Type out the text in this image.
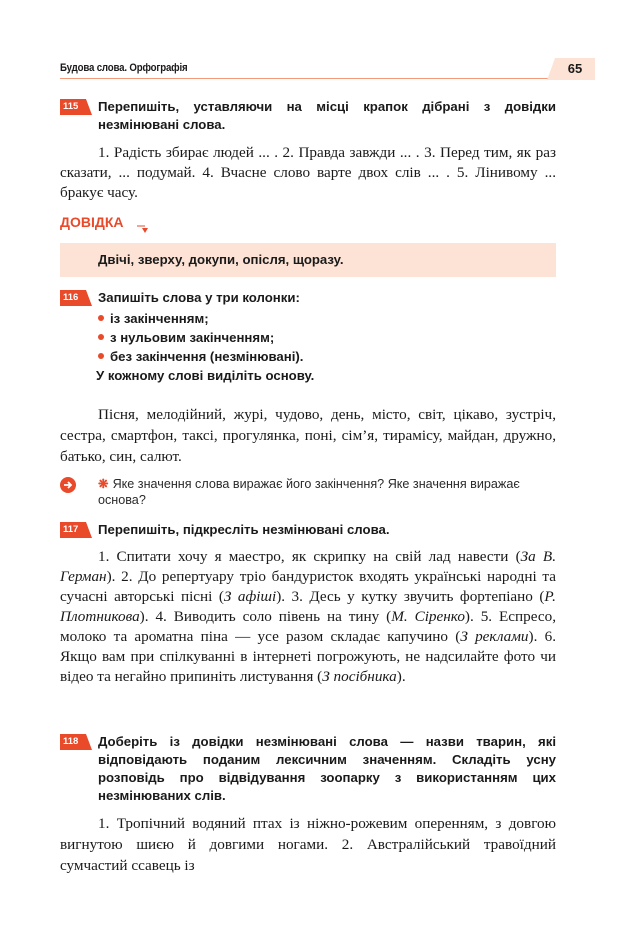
Будова слова. Орфографія	65
115	Перепишіть, уставляючи на місці крапок дібрані з довідки незмінювані слова.

1. Радість збирає людей ... . 2. Правда завжди ... . 3. Перед тим, як раз сказати, ... подумай. 4. Вчасне слово варте двох слів ... . 5. Лінивому ... бракує часу.

ДОВІДКА
Двічі, зверху, докупи, опісля, щоразу.
116	Запишіть слова у три колонки:
із закінченням;
з нульовим закінченням;
без закінчення (незмінювані).
У кожному слові виділіть основу.

Пісня, мелодійний, журі, чудово, день, місто, світ, цікаво, зустріч, сестра, смартфон, таксі, прогулянка, поні, сім’я, тирамісу, майдан, дружно, батько, син, салют.

❋ Яке значення слова виражає його закінчення? Яке значення виражає основа?
117	Перепишіть, підкресліть незмінювані слова.

1. Спитати хочу я маестро, як скрипку на свій лад навести (За В. Герман). 2. До репертуару тріо бандуристок входять українські народні та сучасні авторські пісні (З афіші). 3. Десь у кутку звучить фортепіано (Р. Плотникова). 4. Виводить соло півень на тину (М. Сіренко). 5. Еспресо, молоко та ароматна піна — усе разом складає капучино (З реклами). 6. Якщо вам при спілкуванні в інтернеті погрожують, не надсилайте фото чи відео та негайно припиніть листування (З посібника).

118	Доберіть із довідки незмінювані слова — назви тварин, які відповідають поданим лексичним значенням. Складіть усну розповідь про відвідування зоопарку з використанням цих незмінюваних слів.

1. Тропічний водяний птах із ніжно-рожевим оперенням, з довгою вигнутою шиєю й довгими ногами. 2. Австралійський травоїдний сумчастий ссавець із
